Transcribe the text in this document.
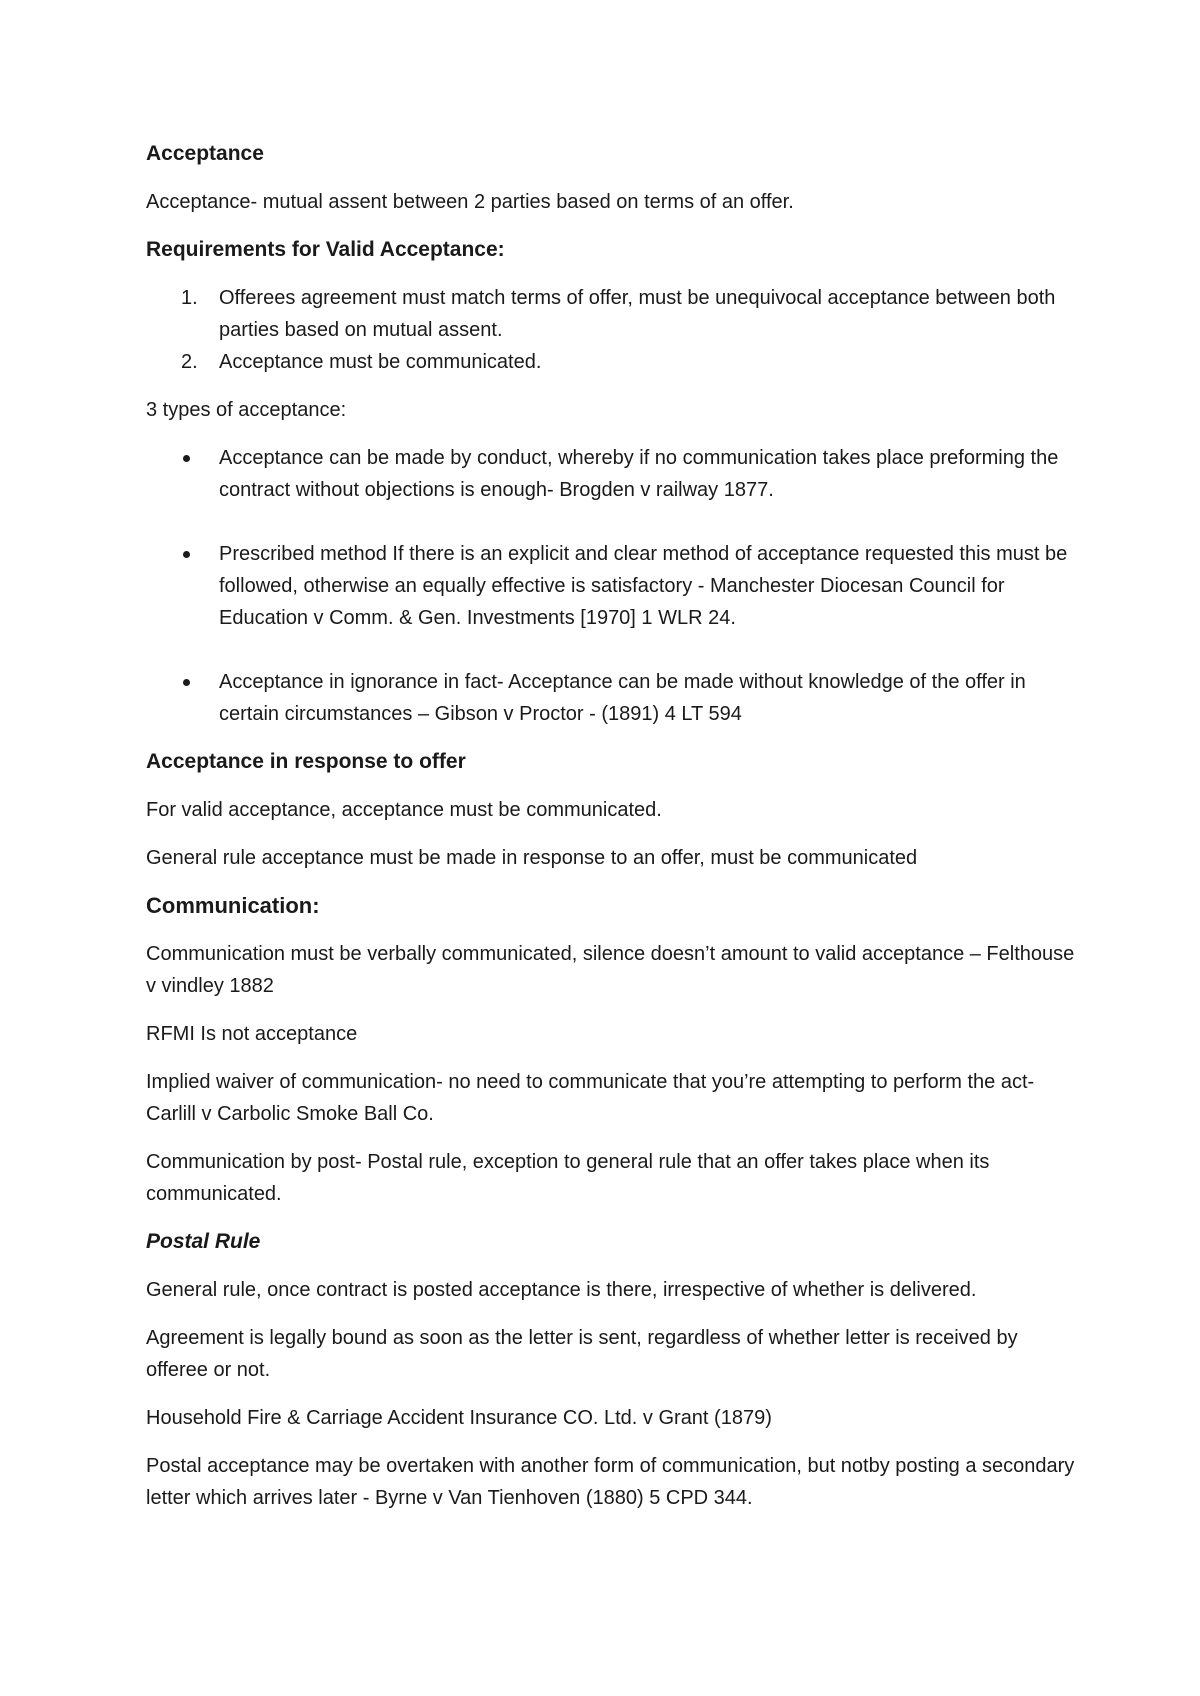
Acceptance
Acceptance- mutual assent between 2 parties based on terms of an offer.
Requirements for Valid Acceptance:
1. Offerees agreement must match terms of offer, must be unequivocal acceptance between both parties based on mutual assent.
2. Acceptance must be communicated.
3 types of acceptance:
Acceptance can be made by conduct, whereby if no communication takes place preforming the contract without objections is enough- Brogden v railway 1877.
Prescribed method If there is an explicit and clear method of acceptance requested this must be followed, otherwise an equally effective is satisfactory - Manchester Diocesan Council for Education v Comm. & Gen. Investments [1970] 1 WLR 24.
Acceptance in ignorance in fact- Acceptance can be made without knowledge of the offer in certain circumstances – Gibson v Proctor - (1891) 4 LT 594
Acceptance in response to offer
For valid acceptance, acceptance must be communicated.
General rule acceptance must be made in response to an offer, must be communicated
Communication:
Communication must be verbally communicated, silence doesn’t amount to valid acceptance – Felthouse v vindley 1882
RFMI Is not acceptance
Implied waiver of communication- no need to communicate that you’re attempting to perform the act- Carlill v Carbolic Smoke Ball Co.
Communication by post- Postal rule, exception to general rule that an offer takes place when its communicated.
Postal Rule
General rule, once contract is posted acceptance is there, irrespective of whether is delivered.
Agreement is legally bound as soon as the letter is sent, regardless of whether letter is received by offeree or not.
Household Fire & Carriage Accident Insurance CO. Ltd. v Grant (1879)
Postal acceptance may be overtaken with another form of communication, but notby posting a secondary letter which arrives later - Byrne v Van Tienhoven (1880) 5 CPD 344.
